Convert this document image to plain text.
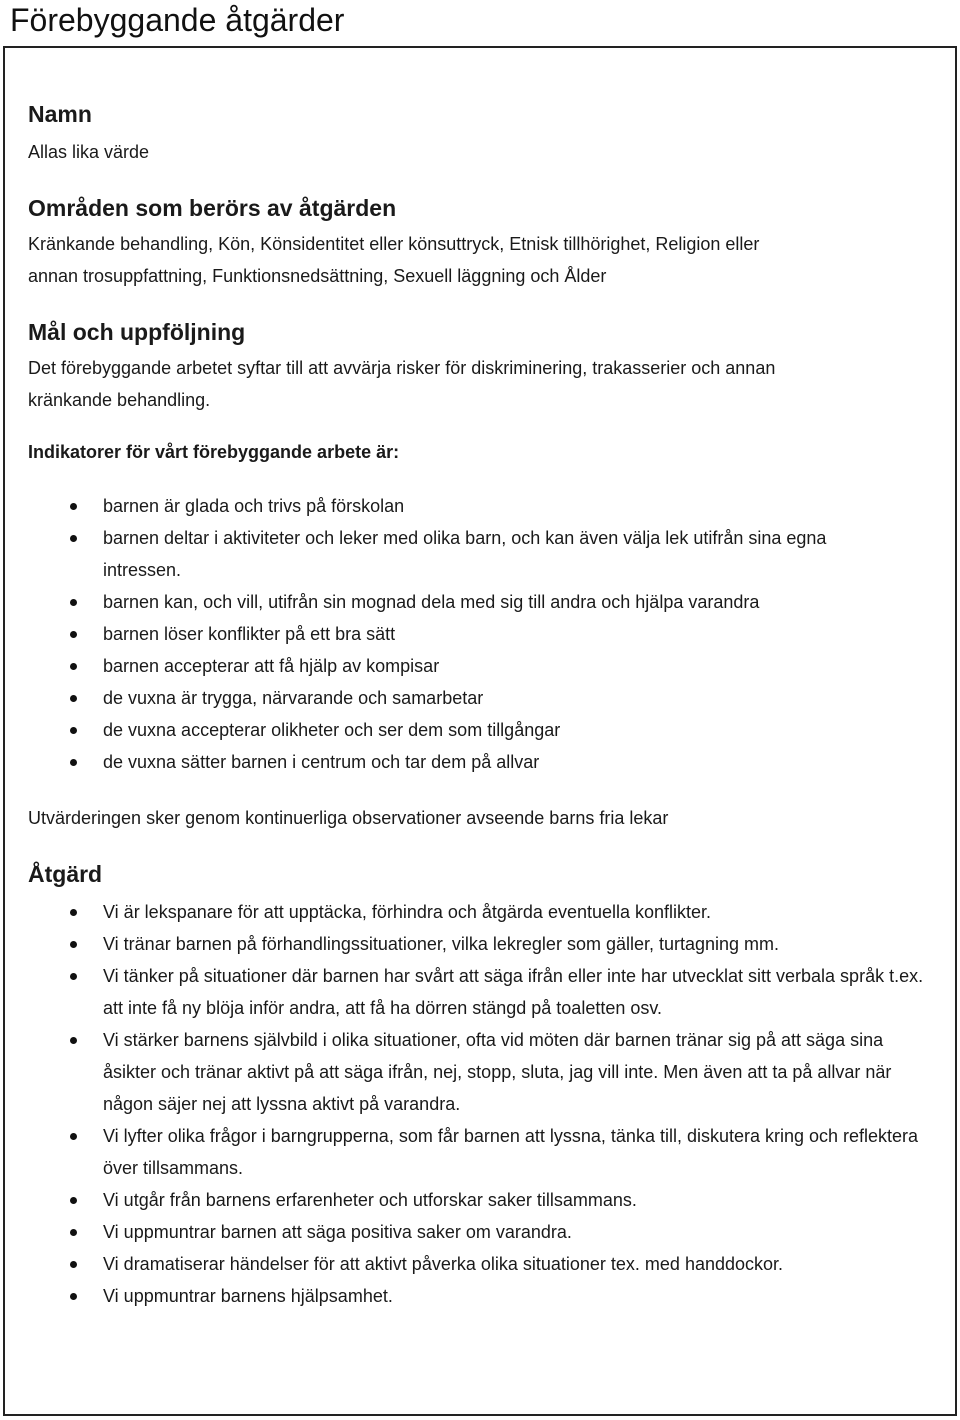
Förebyggande åtgärder
Namn

Allas lika värde

Områden som berörs av åtgärden

Kränkande behandling, Kön, Könsidentitet eller könsuttryck, Etnisk tillhörighet, Religion eller

annan trosuppfattning, Funktionsnedsättning, Sexuell läggning och Ålder

Mål och uppföljning

Det förebyggande arbetet syftar till att avvärja risker för diskriminering, trakasserier och annan

kränkande behandling.

Indikatorer för vårt förebyggande arbete är:

barnen är glada och trivs på förskolan
barnen deltar i aktiviteter och leker med olika barn, och kan även välja lek utifrån sina egna intressen.
barnen kan, och vill, utifrån sin mognad dela med sig till andra och hjälpa varandra
barnen löser konflikter på ett bra sätt
barnen accepterar att få hjälp av kompisar
de vuxna är trygga, närvarande och samarbetar
de vuxna accepterar olikheter och ser dem som tillgångar
de vuxna sätter barnen i centrum och tar dem på allvar

Utvärderingen sker genom kontinuerliga observationer avseende barns fria lekar

Åtgärd
Vi är lekspanare för att upptäcka, förhindra och åtgärda eventuella konflikter.
Vi tränar barnen på förhandlingssituationer, vilka lekregler som gäller, turtagning mm.
Vi tänker på situationer där barnen har svårt att säga ifrån eller inte har utvecklat sitt verbala språk t.ex. att inte få ny blöja inför andra, att få ha dörren stängd på toaletten osv.
Vi stärker barnens självbild i olika situationer, ofta vid möten där barnen tränar sig på att säga sina åsikter och tränar aktivt på att säga ifrån, nej, stopp, sluta, jag vill inte. Men även att ta på allvar när någon säjer nej att lyssna aktivt på varandra.
Vi lyfter olika frågor i barngrupperna, som får barnen att lyssna, tänka till, diskutera kring och reflektera över tillsammans.
Vi utgår från barnens erfarenheter och utforskar saker tillsammans.
Vi uppmuntrar barnen att säga positiva saker om varandra.
Vi dramatiserar händelser för att aktivt påverka olika situationer tex. med handdockor.
Vi uppmuntrar barnens hjälpsamhet.
